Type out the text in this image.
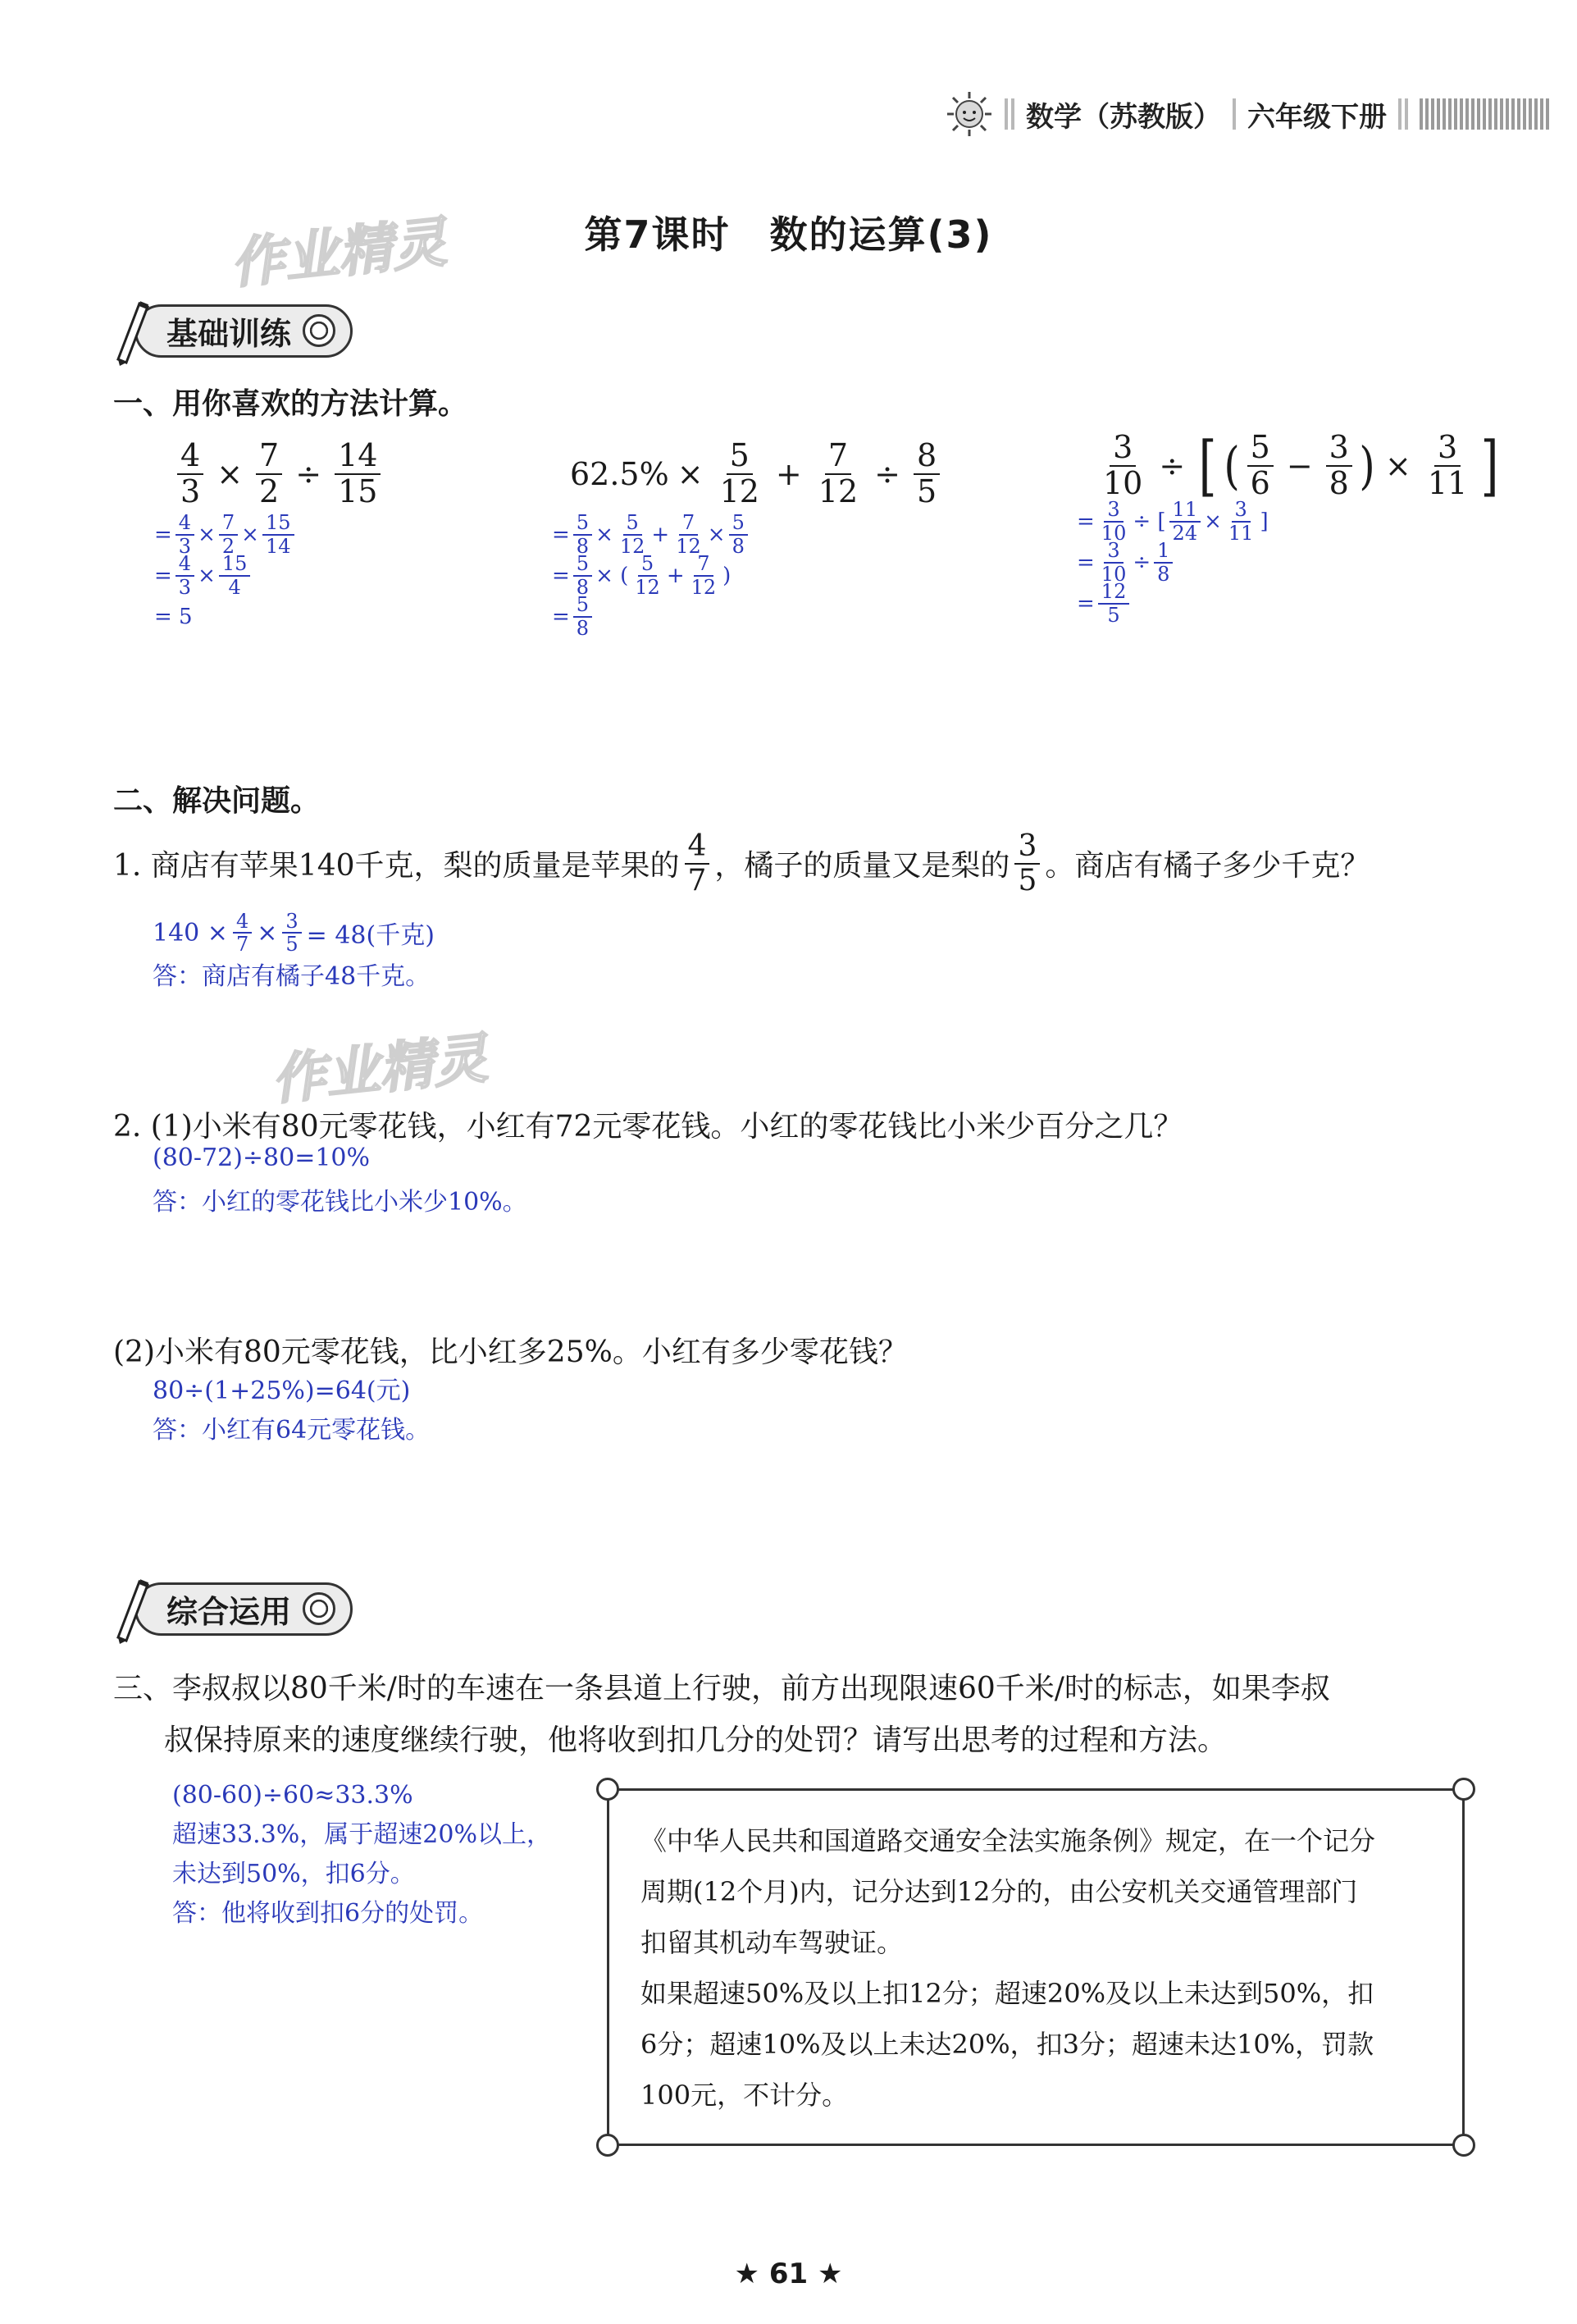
数学（苏教版） 六年级下册
作业精灵	第7课时　数的运算(3)
基础训练
一、用你喜欢的方法计算。
$\frac{4}{3} \times \frac{7}{2} \div \frac{14}{15}$
= 4
3 × 7
2 × 15
14
= 4
3 × 15
4
= 5
$62.5\% \times \frac{5}{12} + \frac{7}{12} \div \frac{8}{5}$
= 5
8 × 5
12 + 7
12 × 5
8
= 5
8 × ( 5
12 + 7
12 )
= 5
8
$\frac{3}{10}$ ÷ [ ( 5
$6 - \frac{3}{8}$ ) × $\frac{3}{11}$ ]
= 3
10 ÷ [ 11
24 × 3
11 ]
= 3
10 ÷ 1
8
= 12
5
二、解决问题。
1. 商店有苹果140千克，梨的质量是苹果的
4
7 ，橘子的质量又是梨的
3
5 。商店有橘子多少千克？
$140 \times \frac{4}{7} \times \frac{3}{5} = 48$(千克)
答：商店有橘子48千克。
作业精灵
2. (1)小米有80元零花钱，小红有72元零花钱。小红的零花钱比小米少百分之几？
(80-72)÷80=10%
答：小红的零花钱比小米少10%。
(2)小米有80元零花钱，比小红多25%。小红有多少零花钱？
80÷(1+25%)=64(元)
答：小红有64元零花钱。
综合运用
三、李叔叔以80千米/时的车速在一条县道上行驶，前方出现限速60千米/时的标志，如果李叔
叔保持原来的速度继续行驶，他将收到扣几分的处罚？请写出思考的过程和方法。
(80-60)÷60≈33.3%
超速33.3%，属于超速20%以上，
未达到50%，扣6分。
答：他将收到扣6分的处罚。

《中华人民共和国道路交通安全法实施条例》规定，在一个记分

周期(12个月)内，记分达到12分的，由公安机关交通管理部门

扣留其机动车驾驶证。

如果超速50%及以上扣12分；超速20%及以上未达到50%，扣

6分；超速10%及以上未达20%，扣3分；超速未达10%，罚款

100元，不计分。

★ 61 ★
